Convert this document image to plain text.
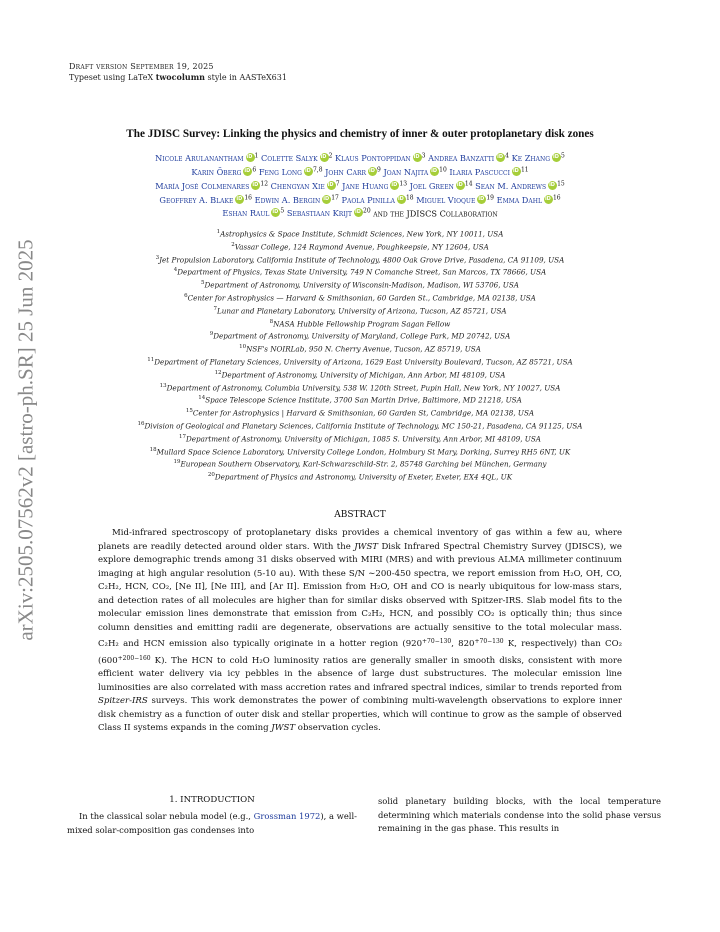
arXiv:2505.07562v2 [astro-ph.SR] 25 Jun 2025
Draft version September 19, 2025
Typeset using LaTeX twocolumn style in AASTeX631
The JDISC Survey: Linking the physics and chemistry of inner & outer protoplanetary disk zones
Nicole Arulanantham iD $^1$ Colette Salyk iD $^2$ Klaus Pontoppidan iD $^3$ Andrea Banzatti iD $^4$ Ke Zhang iD $^5$
Karin Öberg iD $^6$ Feng Long iD $^{7,8}$ John Carr iD $^9$ Joan Najita iD $^{10}$ Ilaria Pascucci iD $^{11}$
María José Colmenares iD $^{12}$ Chengyan Xie iD $^7$ Jane Huang iD $^{13}$ Joel Green iD $^{14}$ Sean M. Andrews iD $^{15}$
Geoffrey A. Blake iD $^{16}$ Edwin A. Bergin iD $^{17}$ Paola Pinilla iD $^{18}$ Miguel Vioque iD $^{19}$ Emma Dahl iD $^{16}$
Eshan Raul iD $^5$ Sebastiaan Krijt iD $^{20}$ and the JDISCS Collaboration
$^1$Astrophysics & Space Institute, Schmidt Sciences, New York, NY 10011, USA
$^2$Vassar College, 124 Raymond Avenue, Poughkeepsie, NY 12604, USA
$^3$Jet Propulsion Laboratory, California Institute of Technology, 4800 Oak Grove Drive, Pasadena, CA 91109, USA
$^4$Department of Physics, Texas State University, 749 N Comanche Street, San Marcos, TX 78666, USA
$^5$Department of Astronomy, University of Wisconsin-Madison, Madison, WI 53706, USA
$^6$Center for Astrophysics — Harvard & Smithsonian, 60 Garden St., Cambridge, MA 02138, USA
$^7$Lunar and Planetary Laboratory, University of Arizona, Tucson, AZ 85721, USA
$^8$NASA Hubble Fellowship Program Sagan Fellow
$^9$Department of Astronomy, University of Maryland, College Park, MD 20742, USA
$^{10}$NSF's NOIRLab, 950 N. Cherry Avenue, Tucson, AZ 85719, USA
$^{11}$Department of Planetary Sciences, University of Arizona, 1629 East University Boulevard, Tucson, AZ 85721, USA
$^{12}$Department of Astronomy, University of Michigan, Ann Arbor, MI 48109, USA
$^{13}$Department of Astronomy, Columbia University, 538 W. 120th Street, Pupin Hall, New York, NY 10027, USA
$^{14}$Space Telescope Science Institute, 3700 San Martin Drive, Baltimore, MD 21218, USA
$^{15}$Center for Astrophysics | Harvard & Smithsonian, 60 Garden St, Cambridge, MA 02138, USA
$^{16}$Division of Geological and Planetary Sciences, California Institute of Technology, MC 150-21, Pasadena, CA 91125, USA
$^{17}$Department of Astronomy, University of Michigan, 1085 S. University, Ann Arbor, MI 48109, USA
$^{18}$Mullard Space Science Laboratory, University College London, Holmbury St Mary, Dorking, Surrey RH5 6NT, UK
$^{19}$European Southern Observatory, Karl-Schwarzschild-Str. 2, 85748 Garching bei München, Germany
$^{20}$Department of Physics and Astronomy, University of Exeter, Exeter, EX4 4QL, UK
ABSTRACT
Mid-infrared spectroscopy of protoplanetary disks provides a chemical inventory of gas within a few au, where planets are readily detected around older stars. With the JWST Disk Infrared Spectral Chemistry Survey (JDISCS), we explore demographic trends among 31 disks observed with MIRI (MRS) and with previous ALMA millimeter continuum imaging at high angular resolution (5-10 au). With these S/N ∼200-450 spectra, we report emission from H₂O, OH, CO, C₂H₂, HCN, CO₂, [Ne II], [Ne III], and [Ar II]. Emission from H₂O, OH and CO is nearly ubiquitous for low-mass stars, and detection rates of all molecules are higher than for similar disks observed with Spitzer-IRS. Slab model fits to the molecular emission lines demonstrate that emission from C₂H₂, HCN, and possibly CO₂ is optically thin; thus since column densities and emitting radii are degenerate, observations are actually sensitive to the total molecular mass. C₂H₂ and HCN emission also typically originate in a hotter region ($920^{+70-130}$, $820^{+70-130}$ K, respectively) than CO₂ ($600^{+200-160}$ K). The HCN to cold H₂O luminosity ratios are generally smaller in smooth disks, consistent with more efficient water delivery via icy pebbles in the absence of large dust substructures. The molecular emission line luminosities are also correlated with mass accretion rates and infrared spectral indices, similar to trends reported from Spitzer-IRS surveys. This work demonstrates the power of combining multi-wavelength observations to explore inner disk chemistry as a function of outer disk and stellar properties, which will continue to grow as the sample of observed Class II systems expands in the coming JWST observation cycles.
1. INTRODUCTION
In the classical solar nebula model (e.g., Grossman 1972), a well-mixed solar-composition gas condenses into
solid planetary building blocks, with the local temperature determining which materials condense into the solid phase versus remaining in the gas phase. This results in
